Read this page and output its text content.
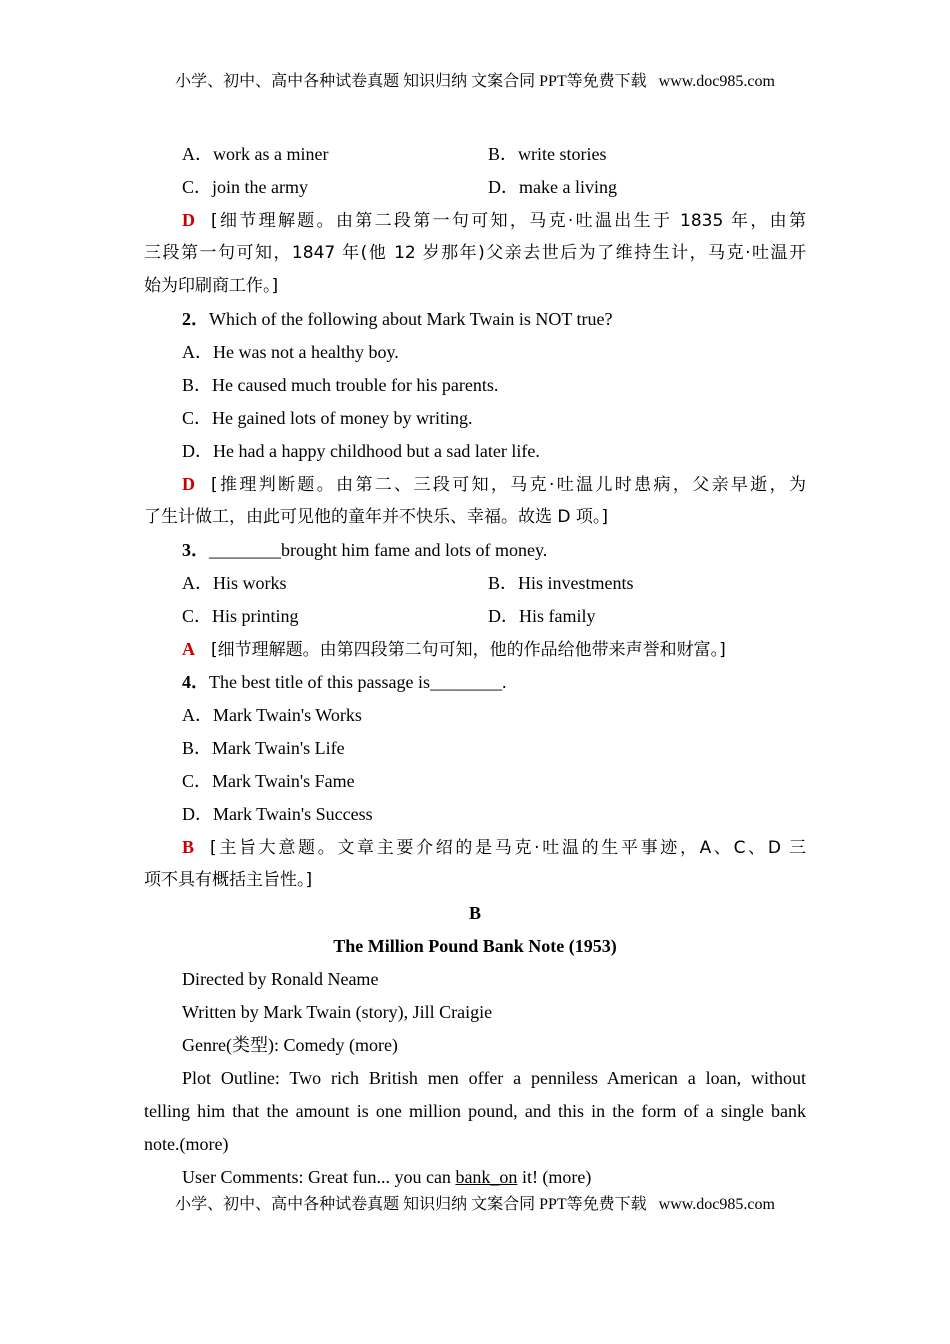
小学、初中、高中各种试卷真题 知识归纳 文案合同 PPT等免费下载 www.doc985.com
A．work as a miner	B．write stories
C．join the army	D．make a living
D [细节理解题。由第二段第一句可知，马克·吐温出生于 1835 年，由第
三段第一句可知，1847 年(他 12 岁那年)父亲去世后为了维持生计，马克·吐温开
始为印刷商工作。]
2．Which of the following about Mark Twain is NOT true?
A．He was not a healthy boy.
B．He caused much trouble for his parents.
C．He gained lots of money by writing.
D．He had a happy childhood but a sad later life.
D [推理判断题。由第二、三段可知，马克·吐温儿时患病，父亲早逝，为
了生计做工，由此可见他的童年并不快乐、幸福。故选 D 项。]
3．________brought him fame and lots of money.
A．His works	B．His investments
C．His printing	D．His family
A [细节理解题。由第四段第二句可知，他的作品给他带来声誉和财富。]
4．The best title of this passage is________.
A．Mark Twain's Works
B．Mark Twain's Life
C．Mark Twain's Fame
D．Mark Twain's Success
B [主旨大意题。文章主要介绍的是马克·吐温的生平事迹，A、C、D 三
项不具有概括主旨性。]
B
The Million Pound Bank Note (1953)
Directed by Ronald Neame
Written by Mark Twain (story), Jill Craigie
Genre(类型): Comedy (more)
Plot Outline: Two rich British men offer a penniless American a loan, without
telling him that the amount is one million pound, and this in the form of a single bank
note.(more)
User Comments: Great fun... you can bank_on it! (more)
小学、初中、高中各种试卷真题 知识归纳 文案合同 PPT等免费下载 www.doc985.com
